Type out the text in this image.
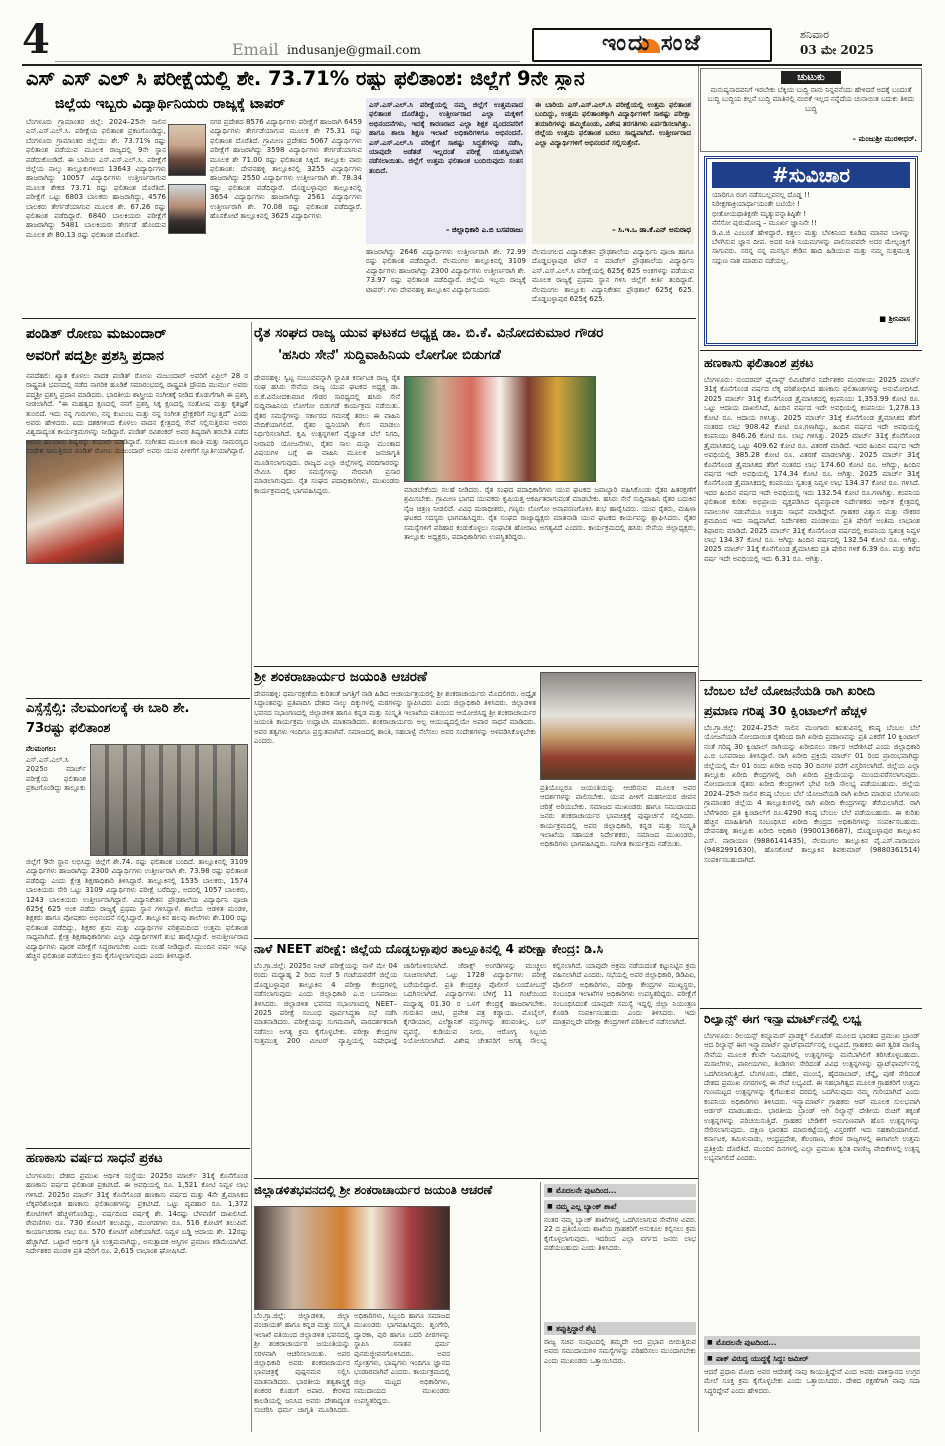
4	Email indusanje@gmail.com	ಇಂದು ಸಂಜೆ	ಶನಿವಾರ
03 ಮೇ 2025
ಎಸ್ ಎಸ್ ಎಲ್ ಸಿ ಪರೀಕ್ಷೆಯಲ್ಲಿ ಶೇ. 73.71% ರಷ್ಟು ಫಲಿತಾಂಶ: ಜಿಲ್ಲೆಗೆ 9ನೇ ಸ್ಥಾನ
ಜಿಲ್ಲೆಯ ಇಬ್ಬರು ವಿದ್ಯಾರ್ಥಿನಿಯರು ರಾಜ್ಯಕ್ಕೆ ಟಾಪರ್
ಬೆಂಗಳೂರು ಗ್ರಾಮಾಂತರ ಜಿಲ್ಲೆ: 2024–25ನೇ ಸಾಲಿನ ಎಸ್.ಎಸ್.ಎಲ್.ಸಿ. ಪರೀಕ್ಷೆಯ ಫಲಿತಾಂಶ ಪ್ರಕಟಗೊಂಡಿದ್ದು, ಬೆಂಗಳೂರು ಗ್ರಾಮಾಂತರ ಜಿಲ್ಲೆಯು ಶೇ. 73.71% ರಷ್ಟು ಫಲಿತಾಂಶ ಪಡೆಯುವ ಮೂಲಕ ರಾಜ್ಯದಲ್ಲಿ 9ನೇ ಸ್ಥಾನ ಪಡೆದುಕೊಂಡಿದೆ. ಈ ಬಾರಿಯ ಎಸ್.ಎಸ್.ಎಲ್.ಸಿ. ಪರೀಕ್ಷೆಗೆ ಜಿಲ್ಲೆಯ ನಾಲ್ಕು ತಾಲ್ಲೂಕುಗಳಿಂದ 13643 ವಿದ್ಯಾರ್ಥಿಗಳು ಹಾಜರಾಗಿದ್ದು 10057 ವಿದ್ಯಾರ್ಥಿಗಳು ಉತ್ತೀರ್ಣರಾಗುವ ಮೂಲಕ ಶೇಕಡ 73.71 ರಷ್ಟು ಫಲಿತಾಂಶ ದೊರೆತಿದೆ. ಪರೀಕ್ಷೆಗೆ ಒಟ್ಟು 6803 ಬಾಲಕರು ಹಾಜರಾಗಿದ್ದು, 4576 ಬಾಲಕರು ತೇರ್ಗಡೆಯಾಗುವ ಮೂಲಕ ಶೇ. 67.26 ರಷ್ಟು ಫಲಿತಾಂಶ ಪಡೆದಿದ್ದಾರೆ. 6840 ಬಾಲಕಿಯರು ಪರೀಕ್ಷೆಗೆ ಹಾಜರಾಗಿದ್ದು 5481 ಬಾಲಕಿಯರು ತೇರ್ಗಡೆ ಹೊಂದುವ ಮೂಲಕ ಶೇ 80.13 ರಷ್ಟು ಫಲಿತಾಂಶ ದೊರೆತಿದೆ.
ನಗರ ಪ್ರದೇಶದ 8576 ವಿದ್ಯಾರ್ಥಿಗಳು ಪರೀಕ್ಷೆಗೆ ಹಾಜರಾಗಿ 6459 ವಿದ್ಯಾರ್ಥಿಗಳು ತೇರ್ಗಡೆಯಾಗುವ ಮೂಲಕ ಶೇ 75.31 ರಷ್ಟು ಫಲಿತಾಂಶ ದೊರೆತಿದೆ. ಗ್ರಾಮೀಣ ಪ್ರದೇಶದ 5067 ವಿದ್ಯಾರ್ಥಿಗಳು ಪರೀಕ್ಷೆಗೆ ಹಾಜರಾಗಿದ್ದು 3598 ವಿದ್ಯಾರ್ಥಿಗಳು ತೇರ್ಗಡೆಯಾಗುವ ಮೂಲಕ ಶೇ 71.00 ರಷ್ಟು ಫಲಿತಾಂಶ ಸಿಕ್ಕಿದೆ. ತಾಲ್ಲೂಕು ವಾರು ಫಲಿತಾಂಶ: ದೇವನಹಳ್ಳಿ ತಾಲ್ಲೂಕಿನಲ್ಲಿ 3255 ವಿದ್ಯಾರ್ಥಿಗಳು ಹಾಜರಾಗಿದ್ದು 2550 ವಿದ್ಯಾರ್ಥಿಗಳು ಉತ್ತೀರ್ಣರಾಗಿ ಶೇ. 78.34 ರಷ್ಟು ಫಲಿತಾಂಶ ಪಡೆದಿದ್ದಾರೆ. ದೊಡ್ಡಬಳ್ಳಾಪುರ ತಾಲ್ಲೂಕಿನಲ್ಲಿ 3654 ವಿದ್ಯಾರ್ಥಿಗಳು ಹಾಜರಾಗಿದ್ದು 2561 ವಿದ್ಯಾರ್ಥಿಗಳು ಉತ್ತೀರ್ಣರಾಗಿ ಶೇ. 70.08 ರಷ್ಟು ಫಲಿತಾಂಶ ಪಡೆದಿದ್ದಾರೆ. ಹೊಸಕೋಟೆ ತಾಲ್ಲೂಕಿನಲ್ಲಿ 3625 ವಿದ್ಯಾರ್ಥಿಗಳು
ಎಸ್.ಎಸ್.ಎಲ್.ಸಿ ಪರೀಕ್ಷೆಯಲ್ಲಿ ನಮ್ಮ ಜಿಲ್ಲೆಗೆ ಉತ್ತಮವಾದ ಫಲಿತಾಂಶ ದೊರೆತಿದ್ದು, ಉತ್ತೀರ್ಣರಾದ ಎಲ್ಲಾ ಮಕ್ಕಳಿಗೆ ಅಭಿನಂದನೆಗಳು, ಇದಕ್ಕೆ ಕಾರಣರಾದ ಎಲ್ಲಾ ಶಿಕ್ಷಕ ವೃಂದದವರಿಗೆ ಹಾಗೂ ಶಾಲಾ ಶಿಕ್ಷಣ ಇಲಾಖೆ ಅಧಿಕಾರಿಗಳಿಗೂ ಅಭಿನಂದನೆ. ಎಸ್.ಎಸ್.ಎಲ್.ಸಿ ಪರೀಕ್ಷೆಗೆ ಸಾಕಷ್ಟು ಸಿದ್ಧತೆಗಳನ್ನು ನಡೆಸಿ, ಯಾವುದೇ ಅಡೆತಡೆ ಇಲ್ಲದಂತೆ ಪರೀಕ್ಷೆ ಯಶಸ್ವಿಯಾಗಿ ನಡೆಸಲಾಯಿತು. ಜಿಲ್ಲೆಗೆ ಉತ್ತಮ ಫಲಿತಾಂಶ ಬಂದಿರುವುದು ಸಂತಸ ತಂದಿದೆ.
– ಜಿಲ್ಲಾಧಿಕಾರಿ ಎ.ಬಿ ಬಸವರಾಜು
ಈ ಬಾರಿಯ ಎಸ್.ಎಸ್.ಎಲ್.ಸಿ ಪರೀಕ್ಷೆಯಲ್ಲಿ ಉತ್ತಮ ಫಲಿತಾಂಶ ಬಂದಿದ್ದು, ಉತ್ತಮ ಫಲಿತಾಂಶಕ್ಕಾಗಿ ವಿದ್ಯಾರ್ಥಿಗಳಿಗೆ ಸಾಕಷ್ಟು ಪರೀಕ್ಷಾ ತಯಾರಿಗಳನ್ನು ಹಮ್ಮಿಕೊಂಡು, ವಿಶೇಷ ತರಗತಿಗಳು ಏರ್ಪಡಿಸಲಾಗಿತ್ತು. ಜಿಲ್ಲೆಯ ಉತ್ತಮ ಫಲಿತಾಂಶ ಬರಲು ಸಾಧ್ಯವಾಗಿದೆ. ಉತ್ತೀರ್ಣರಾದ ಎಲ್ಲಾ ವಿದ್ಯಾರ್ಥಿಗಳಿಗೆ ಅಭಿನಂದನೆ ಸಲ್ಲಿಸುತ್ತೇನೆ.
– ಸಿ.ಇ.ಒ ಡಾ.ಕೆ.ಎನ್ ಅನುರಾಧ
ಹಾಜರಾಗಿದ್ದು 2646 ವಿದ್ಯಾರ್ಥಿಗಳು ಉತ್ತೀರ್ಣರಾಗಿ ಶೇ. 72.99 ರಷ್ಟು ಫಲಿತಾಂಶ ಪಡೆದಿದ್ದಾರೆ. ನೆಲಮಂಗಲ ತಾಲ್ಲೂಕಿನಲ್ಲಿ 3109 ವಿದ್ಯಾರ್ಥಿಗಳು ಹಾಜರಾಗಿದ್ದು 2300 ವಿದ್ಯಾರ್ಥಿಗಳು ಉತ್ತೀರ್ಣರಾಗಿ ಶೇ. 73.97 ರಷ್ಟು ಫಲಿತಾಂಶ ಪಡೆದಿದ್ದಾರೆ. ಜಿಲ್ಲೆಯ ಇಬ್ಬರು ರಾಜ್ಯಕ್ಕೆ ಟಾಪರ್: ಗಳು ದೇವನಹಳ್ಳಿ ತಾಲ್ಲೂಕಿನ ವಿದ್ಯಾರ್ಥಿನಿಯರು
ನೆಲಮಂಗಲದ ವಿದ್ಯಾನಿಕೇತನ ಪ್ರೌಢಶಾಲೆಯ ವಿದ್ಯಾರ್ಥಿನಿ ಪೂಜಾ ಹಾಗೂ ದೊಡ್ಡಬಳ್ಳಾಪುರ ಟೌನ್ ನ ಮಾಡೆಲ್ ಪ್ರೌಢಶಾಲೆಯ ವಿದ್ಯಾರ್ಥಿನಿ ಎಸ್.ಎಸ್.ಎಲ್.ಸಿ ಪರೀಕ್ಷೆಯಲ್ಲಿ 625ಕ್ಕೆ 625 ಅಂಕಗಳನ್ನು ಪಡೆಯುವ ಮೂಲಕ ರಾಜ್ಯಕ್ಕೆ ಪ್ರಥಮ ಸ್ಥಾನ ಗಳಿಸಿ ಜಿಲ್ಲೆಗೆ ಕೀರ್ತಿ ತಂದಿದ್ದಾರೆ. ನೆಲಮಂಗಲ ತಾಲ್ಲೂಕು ವಿದ್ಯಾನಿಕೇತನ ಪ್ರೌಢಶಾಲೆ 625ಕ್ಕೆ 625. ದೊಡ್ಡಬಳ್ಳಾಪುರ 625ಕ್ಕೆ 625.
ಚುಟುಕು
ಮನುಷ್ಯನಾದವನಿಗೆ ಇರಬೇಕು ಬೆಕ್ಕಿಯ ಬುದ್ಧಿ ನಾನು ನಿನ್ನವನೆಂದು ಹೇಳಿದರೆ ಅದಕ್ಕೆ ಬಂದಂತೆ ಬುದ್ಧಿ ಬುದ್ಧಿಯ ಕಲ್ಪನೆ ಬುದ್ಧಿ ಮಾತಿನಲ್ಲಿ ನಂಬಿಕೆ ಇಲ್ಲದ ನನ್ನೆದೆಯ ಚುನಾಯಿತ ಬದುಕು ತಿಳಿದು ಬುದ್ಧಿ
– ಮಂಜುಶ್ರೀ ಮುರಳೀಧರ್.
#ಸುವಿಚಾರ
ಯಾರಿಗೂ ರಂಗ ನಡೆಸಬಲ್ಲವನಲ್ಲ ದೊಡ್ಡ !!
ನಿರೀಕ್ಷಣಾಕ್ರಿಯಾರ್ಥಾಯಂತೇ ಬಟಿಯೇ !
ಭೀತೋಯಥಾತಿಕ್ಷಣೇ ಮೃತ್ಯುವನ್ನಾತಿಷ್ಠಿತೇ !
ನೆಸೆಸೋ ಪುರುಷೋಷ್ಠ – ಮೂರ್ಖ ಜ್ಞಾನಿನೇ !!
ಡಿ.ವಿ.ಜಿ ಎಂಬಂತೆ ಹೇಳಿದ್ದಾರೆ. ಕತ್ತಲು ಮತ್ತು ಬೆಳಕಿನಿಂದ ಕೂಡಿದ ಮಾನವ ಬಾಳನ್ನು ಬೆಳಗಿಸುವ ಜ್ಞಾನ ದೀಪ. ಅದರ ನೀತಿ ನಿಯಮಗಳನ್ನು ಪಾಲಿಸುವವರೇ ಅದರ ಮೇಲ್ಪಂಕ್ತಿಗೆ ಸಾಗುವರು. ನರನ್ನ ನನ್ನ ಮನಸ್ಸಿನ ಕೇಡಿನ ಹಾದಿ ಹಿಡಿಯುವ ಮತ್ತು ನಮ್ಮ ಸುತ್ತಮುತ್ತ ಸದ್ಗುಣ ನಾಶ ಮಾಡುವ ನಡೆಯಲ್ಲ.
■ ಶ್ರೀನಿವಾಸ
ಪಂಡಿತ್ ರೋಣು ಮಜುಂದಾರ್
ಅವರಿಗೆ ಪದ್ಮಶ್ರೀ ಪ್ರಶಸ್ತಿ ಪ್ರದಾನ
ನವದೆಹಲಿ: ಖ್ಯಾತ ಕೊಳಲು ವಾದಕ ಪಂಡಿತ್ ರೋಣು ಮಜುಂದಾರ್ ಅವರಿಗೆ ಏಪ್ರಿಲ್ 28 ರ ರಾಷ್ಟ್ರಪತಿ ಭವನದಲ್ಲಿ ನಡೆದ ನಾಗರಿಕ ಹೂಡಿಕೆ ಸಮಾರಂಭದಲ್ಲಿ ರಾಷ್ಟ್ರಪತಿ ದ್ರೌಪದಿ ಮುರ್ಮು ಅವರು ಪದ್ಮಶ್ರೀ ಪ್ರಶಸ್ತಿ ಪ್ರದಾನ ಮಾಡಿದರು. ಭಾರತೀಯ ಶಾಸ್ತ್ರೀಯ ಸಂಗೀತಕ್ಕೆ ನೀಡಿದ ಕೊಡುಗೆಗಾಗಿ ಈ ಪ್ರಶಸ್ತಿ ನೀಡಲಾಗಿದೆ. "ಈ ಮಹತ್ವದ ಕ್ಷಣದಲ್ಲಿ ನನಗೆ ಪ್ರಶಸ್ತಿ ಸಿಕ್ಕ ಕ್ಷಣದಲ್ಲಿ ಸಂತೋಷ ಮತ್ತು ಕೃತಜ್ಞತೆ ತುಂಬಿದೆ. ಇದು ನನ್ನ ಗುರುಗಳು, ನನ್ನ ಕುಟುಂಬ ಮತ್ತು ನನ್ನ ಸಂಗೀತ ಪ್ರೇಕ್ಷಕರಿಗೆ ಸಲ್ಲುತ್ತದೆ" ಎಂದು ಅವರು ಹೇಳಿದರು. ಐದು ದಶಕಗಳಿಂದ ಕೊಳಲು ವಾದನ ಕ್ಷೇತ್ರದಲ್ಲಿ ಸೇವೆ ಸಲ್ಲಿಸುತ್ತಿರುವ ಅವರು ವಿಶ್ವದಾದ್ಯಂತ ಕಾರ್ಯಕ್ರಮಗಳನ್ನು ನೀಡಿದ್ದಾರೆ. ಪಂಡಿತ್ ರವಿಶಂಕರ್ ಅವರ ಶಿಷ್ಯರಾಗಿ ತರಬೇತಿ ಪಡೆದ ಅವರು ಹಲವಾರು ಶಿಷ್ಯರನ್ನು ತಯಾರು ಮಾಡಿದ್ದಾರೆ. ಸಂಗೀತದ ಮೂಲಕ ಶಾಂತಿ ಮತ್ತು ಸಾಮರಸ್ಯದ ಸಂದೇಶ ಸಾರುತ್ತಿರುವ ಪಂಡಿತ್ ರೋಣು ಮಜುಂದಾರ್ ಅವರು ಯುವ ಪೀಳಿಗೆಗೆ ಸ್ಫೂರ್ತಿಯಾಗಿದ್ದಾರೆ.
ಎಸ್ಸೆಸ್ಸೆಲ್ಸಿ: ನೆಲಮಂಗಲಕ್ಕೆ ಈ ಬಾರಿ ಶೇ.
73ರಷ್ಟು ಫಲಿತಾಂಶ
ನೆಲಮಂಗಲ:
ಎಸ್.ಎಸ್.ಎಲ್.ಸಿ 2025ರ ಮಾರ್ಚ್ ಪರೀಕ್ಷೆಯ ಫಲಿತಾಂಶ ಪ್ರಕಟಗೊಂಡಿದ್ದು ತಾಲ್ಲೂಕು
ಜಿಲ್ಲೆಗೆ 9ನೇ ಸ್ಥಾನ ಲಭಿಸಿದ್ದು ಜಿಲ್ಲೆಗೆ ಶೇ.74. ರಷ್ಟು ಫಲಿತಾಂಶ ಬಂದಿದೆ. ತಾಲ್ಲೂಕಿನಲ್ಲಿ 3109 ವಿದ್ಯಾರ್ಥಿಗಳು ಹಾಜರಾಗಿದ್ದು 2300 ವಿದ್ಯಾರ್ಥಿಗಳು ಉತ್ತೀರ್ಣರಾಗಿ ಶೇ. 73.98 ರಷ್ಟು ಫಲಿತಾಂಶ ಪಡೆದಿದ್ದು ಎಂದು ಕ್ಷೇತ್ರ ಶಿಕ್ಷಣಾಧಿಕಾರಿ ತಿಳಿಸಿದ್ದಾರೆ. ತಾಲ್ಲೂಕಿನಲ್ಲಿ 1535 ಬಾಲಕರು, 1574 ಬಾಲಕಿಯರು ಸೇರಿ ಒಟ್ಟು 3109 ವಿದ್ಯಾರ್ಥಿಗಳು ಪರೀಕ್ಷೆ ಬರೆದಿದ್ದು, ಅದರಲ್ಲಿ 1057 ಬಾಲಕರು, 1243 ಬಾಲಕಿಯರು ಉತ್ತೀರ್ಣರಾಗಿದ್ದಾರೆ. ವಿದ್ಯಾನಿಕೇತನ ಪ್ರೌಢಶಾಲೆಯ ವಿದ್ಯಾರ್ಥಿನಿ ಪೂಜಾ 625ಕ್ಕೆ 625 ಅಂಕ ಪಡೆದು ರಾಜ್ಯಕ್ಕೆ ಪ್ರಥಮ ಸ್ಥಾನ ಗಳಿಸಿದ್ದಾಳೆ. ಶಾಲೆಯ ಆಡಳಿತ ಮಂಡಳಿ, ಶಿಕ್ಷಕರು ಹಾಗೂ ಪೋಷಕರು ಅಭಿನಂದನೆ ಸಲ್ಲಿಸಿದ್ದಾರೆ. ತಾಲ್ಲೂಕಿನ ಹಲವು ಶಾಲೆಗಳು ಶೇ.100 ರಷ್ಟು ಫಲಿತಾಂಶ ಪಡೆದಿದ್ದು, ಶಿಕ್ಷಕರ ಶ್ರಮ ಮತ್ತು ವಿದ್ಯಾರ್ಥಿಗಳ ಪರಿಶ್ರಮದಿಂದ ಉತ್ತಮ ಫಲಿತಾಂಶ ಸಾಧ್ಯವಾಗಿದೆ. ಕ್ಷೇತ್ರ ಶಿಕ್ಷಣಾಧಿಕಾರಿಗಳು ಎಲ್ಲಾ ವಿದ್ಯಾರ್ಥಿಗಳಿಗೆ ಶುಭ ಹಾರೈಸಿದ್ದಾರೆ. ಅನುತ್ತೀರ್ಣರಾದ ವಿದ್ಯಾರ್ಥಿಗಳು ಪೂರಕ ಪರೀಕ್ಷೆಗೆ ಸಿದ್ಧರಾಗಬೇಕು ಎಂದು ಸಲಹೆ ನೀಡಿದ್ದಾರೆ. ಮುಂದಿನ ವರ್ಷ ಇನ್ನೂ ಹೆಚ್ಚಿನ ಫಲಿತಾಂಶ ಪಡೆಯಲು ಕ್ರಮ ಕೈಗೊಳ್ಳಲಾಗುವುದು ಎಂದು ತಿಳಿಸಿದ್ದಾರೆ.
ಹಣಕಾಸು ವರ್ಷದ ಸಾಧನೆ ಪ್ರಕಟ
ಬೆಂಗಳೂರು: ದೇಶದ ಪ್ರಮುಖ ಆರ್ಥಿಕ ಸಂಸ್ಥೆಯು 2025ರ ಮಾರ್ಚ್ 31ಕ್ಕೆ ಕೊನೆಗೊಂಡ ಹಣಕಾಸು ವರ್ಷದ ಫಲಿತಾಂಶ ಪ್ರಕಟಿಸಿದೆ. ಈ ಅವಧಿಯಲ್ಲಿ ರೂ. 1,521 ಕೋಟಿ ನಿವ್ವಳ ಲಾಭ ಗಳಿಸಿದೆ. 2025ರ ಮಾರ್ಚ್ 31ಕ್ಕೆ ಕೊನೆಗೊಂಡ ಹಣಕಾಸು ವರ್ಷದ ಮತ್ತು 4ನೇ ತ್ರೈಮಾಸಿಕದ ಲೆಕ್ಕಪರಿಶೋಧಿತ ಹಣಕಾಸು ಫಲಿತಾಂಶಗಳನ್ನು ಪ್ರಕಟಿಸಿದೆ. ಒಟ್ಟು ವ್ಯವಹಾರ ರೂ. 1,372 ಕೋಟಿಗಳಿಗೆ ಹೆಚ್ಚಳಗೊಂಡಿದ್ದು, ವರ್ಷದಿಂದ ವರ್ಷಕ್ಕೆ ಶೇ. 14ರಷ್ಟು ಬೆಳವಣಿಗೆ ದಾಖಲಿಸಿದೆ. ಠೇವಣಿಗಳು ರೂ. 730 ಕೋಟಿಗೆ ತಲುಪಿದ್ದು, ಮುಂಗಡಗಳು ರೂ. 516 ಕೋಟಿಗೆ ತಲುಪಿವೆ. ಕಾರ್ಯಾಚರಣಾ ಲಾಭ ರೂ. 570 ಕೋಟಿಗೆ ಏರಿಕೆಯಾಗಿದೆ. ನಿವ್ವಳ ಬಡ್ಡಿ ಆದಾಯ ಶೇ. 12ರಷ್ಟು ಹೆಚ್ಚಾಗಿದೆ. ಒಟ್ಟಾರೆ ಆರ್ಥಿಕ ಸ್ಥಿತಿ ಉತ್ತಮವಾಗಿದ್ದು, ಅನುತ್ಪಾದಕ ಆಸ್ತಿಗಳ ಪ್ರಮಾಣ ಕಡಿಮೆಯಾಗಿದೆ. ನಿರ್ದೇಶಕರ ಮಂಡಳಿ ಪ್ರತಿ ಷೇರಿಗೆ ರೂ. 2,615 ಲಾಭಾಂಶ ಘೋಷಿಸಿದೆ.
ರೈತ ಸಂಘದ ರಾಜ್ಯ ಯುವ ಘಟಕದ ಅಧ್ಯಕ್ಷ ಡಾ. ಬಿ.ಕೆ. ವಿನೋದಕುಮಾರ ಗೌಡರ
'ಹಸಿರು ಸೇನೆ' ಸುದ್ದಿವಾಹಿನಿಯ ಲೋಗೋ ಬಿಡುಗಡೆ
ದೇವನಹಳ್ಳಿ: ಸ್ವಿಟ್ಟ ನಂಬುವವನ್ನಾಗಿ ಸ್ಥಾಪಿತ ಕರ್ನಾಟಕ ರಾಜ್ಯ ರೈತ ಸಂಘ ಹಸಿರು ಸೇನೆಯ ರಾಜ್ಯ ಯುವ ಘಟಕದ ಅಧ್ಯಕ್ಷ ಡಾ. ಬಿ.ಕೆ.ವಿನೋದಕುಮಾರ ಗೌಡರ ಸಾರಥ್ಯದಲ್ಲಿ ಹಸಿರು ಸೇನೆ ಸುದ್ದಿವಾಹಿನಿಯ ಲೋಗೋ ಬಿಡುಗಡೆ ಕಾರ್ಯಕ್ರಮ ನಡೆಯಿತು. ರೈತರ ಸಮಸ್ಯೆಗಳನ್ನು ಸರ್ಕಾರದ ಗಮನಕ್ಕೆ ತರಲು ಈ ವಾಹಿನಿ ವೇದಿಕೆಯಾಗಲಿದೆ. ರೈತರ ಧ್ವನಿಯಾಗಿ ಕೆಲಸ ಮಾಡಲು ನಿರ್ಧರಿಸಲಾಗಿದೆ. ಕೃಷಿ ಉತ್ಪನ್ನಗಳಿಗೆ ವೈಜ್ಞಾನಿಕ ಬೆಲೆ ನಿಗದಿ, ನೀರಾವರಿ ಯೋಜನೆಗಳು, ರೈತರ ಸಾಲ ಮನ್ನಾ ಮುಂತಾದ ವಿಷಯಗಳ ಬಗ್ಗೆ ಈ ವಾಹಿನಿ ಮೂಲಕ ಜನಜಾಗೃತಿ ಮೂಡಿಸಲಾಗುವುದು. ರಾಜ್ಯದ ಎಲ್ಲಾ ಜಿಲ್ಲೆಗಳಲ್ಲಿ ವರದಿಗಾರರನ್ನು ನೇಮಿಸಿ ರೈತರ ಸಮಸ್ಯೆಗಳನ್ನು ನೇರವಾಗಿ ಪ್ರಸಾರ ಮಾಡಲಾಗುವುದು. ರೈತ ಸಂಘದ ಪದಾಧಿಕಾರಿಗಳು, ಮುಖಂಡರು ಕಾರ್ಯಕ್ರಮದಲ್ಲಿ ಭಾಗವಹಿಸಿದ್ದರು.	ಮಾಡಬೇಕೆಂದು ಸಲಹೆ ನೀಡಿದರು. ರೈತ ಸಂಘದ ಪದಾಧಿಕಾರಿಗಳು ಯುವ ಘಟಕದ ಜವಾಬ್ದಾರಿ ವಹಿಸಿಕೊಂಡು ರೈತರ ಹಿತರಕ್ಷಣೆಗೆ ಶ್ರಮಿಸಬೇಕು. ಗ್ರಾಮೀಣ ಭಾಗದ ಯುವಕರು ಕೃಷಿಯತ್ತ ಆಕರ್ಷಿತರಾಗುವಂತೆ ಮಾಡಬೇಕು. ಹಸಿರು ಸೇನೆ ಸುದ್ದಿವಾಹಿನಿ ರೈತರ ಬದುಕಿನ ನೈಜ ಚಿತ್ರಣ ನೀಡಲಿದೆ. ವಿವಿಧ ಮಠಾಧೀಶರು, ಗಣ್ಯರು ಲೋಗೋ ಅನಾವರಣಗೊಳಿಸಿ ಶುಭ ಹಾರೈಸಿದರು. ಯುವ ರೈತರು, ಮಹಿಳಾ ಘಟಕದ ಸದಸ್ಯರು ಭಾಗವಹಿಸಿದ್ದರು. ರೈತ ಸಂಘದ ರಾಜ್ಯಾಧ್ಯಕ್ಷರು ಮಾತನಾಡಿ ಯುವ ಘಟಕದ ಕಾರ್ಯವನ್ನು ಶ್ಲಾಘಿಸಿದರು. ರೈತರ ಸಮಸ್ಯೆಗಳಿಗೆ ಪರಿಹಾರ ಕಂಡುಕೊಳ್ಳಲು ಸಂಘಟಿತ ಹೋರಾಟ ಅಗತ್ಯವಿದೆ ಎಂದರು. ಕಾರ್ಯಕ್ರಮದಲ್ಲಿ ಹಸಿರು ಸೇನೆಯ ಜಿಲ್ಲಾಧ್ಯಕ್ಷರು, ತಾಲ್ಲೂಕು ಅಧ್ಯಕ್ಷರು, ಪದಾಧಿಕಾರಿಗಳು ಉಪಸ್ಥಿತರಿದ್ದರು.
ಶ್ರೀ ಶಂಕರಾಚಾರ್ಯರ ಜಯಂತಿ ಆಚರಣೆ
ದೇವನಹಳ್ಳಿ: ಧರ್ಮರಕ್ಷಣೆಯ ಕುರಿತಂತೆ ಜಗತ್ತಿಗೆ ನಾಡಿ ಹಿಡಿದ ಆಚಾರ್ಯತ್ರಯರಲ್ಲಿ ಶ್ರೀ ಶಂಕರಾಚಾರ್ಯರು ಮೊದಲಿಗರು. ಅದ್ವೈತ ಸಿದ್ಧಾಂತವನ್ನು ಪ್ರತಿಪಾದಿಸಿ ದೇಶದ ನಾಲ್ಕು ದಿಕ್ಕುಗಳಲ್ಲಿ ಮಠಗಳನ್ನು ಸ್ಥಾಪಿಸಿದರು ಎಂದು ಜಿಲ್ಲಾಧಿಕಾರಿ ತಿಳಿಸಿದರು. ಜಿಲ್ಲಾಡಳಿತ ಭವನದ ಸಭಾಂಗಣದಲ್ಲಿ ಜಿಲ್ಲಾಡಳಿತ ಹಾಗೂ ಕನ್ನಡ ಮತ್ತು ಸಂಸ್ಕೃತಿ ಇಲಾಖೆಯ ವತಿಯಿಂದ ಆಯೋಜಿಸಿದ್ದ ಶ್ರೀ ಶಂಕರಾಚಾರ್ಯರ ಜಯಂತಿ ಕಾರ್ಯಕ್ರಮ ಉದ್ಘಾಟಿಸಿ ಮಾತನಾಡಿದರು. ಶಂಕರಾಚಾರ್ಯರು ಅಲ್ಪ ಆಯುಷ್ಯದಲ್ಲಿಯೇ ಅಪಾರ ಸಾಧನೆ ಮಾಡಿದರು. ಅವರ ತತ್ವಗಳು ಇಂದಿಗೂ ಪ್ರಸ್ತುತವಾಗಿವೆ. ಸಮಾಜದಲ್ಲಿ ಶಾಂತಿ, ಸಹಬಾಳ್ವೆ ನೆಲೆಸಲು ಅವರ ಸಂದೇಶಗಳನ್ನು ಅಳವಡಿಸಿಕೊಳ್ಳಬೇಕು ಎಂದರು.
ಪ್ರತಿಯೊಬ್ಬರೂ ಜಯಂತಿಯನ್ನು ಆಚರಿಸುವ ಮೂಲಕ ಅವರ ಆದರ್ಶಗಳನ್ನು ಪಾಲಿಸಬೇಕು. ಯುವ ಪೀಳಿಗೆ ಮಹನೀಯರ ಜೀವನ ಚರಿತ್ರೆ ಅರಿಯಬೇಕು. ಸಮಾಜದ ಮುಖಂಡರು ಹಾಗೂ ಸಮುದಾಯದ ಜನರು ಶಂಕರಾಚಾರ್ಯರ ಭಾವಚಿತ್ರಕ್ಕೆ ಪುಷ್ಪಾರ್ಚನೆ ಸಲ್ಲಿಸಿದರು. ಕಾರ್ಯಕ್ರಮದಲ್ಲಿ ಅಪರ ಜಿಲ್ಲಾಧಿಕಾರಿ, ಕನ್ನಡ ಮತ್ತು ಸಂಸ್ಕೃತಿ ಇಲಾಖೆಯ ಸಹಾಯಕ ನಿರ್ದೇಶಕರು, ಸಮಾಜದ ಮುಖಂಡರು, ಅಧಿಕಾರಿಗಳು ಭಾಗವಹಿಸಿದ್ದರು. ಸಂಗೀತ ಕಾರ್ಯಕ್ರಮ ನಡೆಯಿತು.
ನಾಳೆ NEET ಪರೀಕ್ಷೆ: ಜಿಲ್ಲೆಯ ದೊಡ್ಡಬಳ್ಳಾಪುರ ತಾಲ್ಲೂಕಿನಲ್ಲಿ 4 ಪರೀಕ್ಷಾ ಕೇಂದ್ರ: ಡಿ.ಸಿ
ಬೆಂ.ಗ್ರಾ.ಜಿಲ್ಲೆ: 2025ರ ನೀಟ್ ಪರೀಕ್ಷೆಯನ್ನು ನಾಳೆ ಮೇ 04 ರಂದು ಮಧ್ಯಾಹ್ನ 2 ರಿಂದ ಸಂಜೆ 5 ಗಂಟೆಯವರೆಗೆ ಜಿಲ್ಲೆಯ ದೊಡ್ಡಬಳ್ಳಾಪುರ ತಾಲ್ಲೂಕಿನ 4 ಪರೀಕ್ಷಾ ಕೇಂದ್ರಗಳಲ್ಲಿ ನಡೆಸಲಾಗುವುದು ಎಂದು ಜಿಲ್ಲಾಧಿಕಾರಿ ಎ.ಬಿ ಬಸವರಾಜು ತಿಳಿಸಿದರು. ಜಿಲ್ಲಾಡಳಿತ ಭವನದ ಸಭಾಂಗಣದಲ್ಲಿ NEET–2025 ಪರೀಕ್ಷೆ ಸಂಬಂಧ ಪೂರ್ವಸಿದ್ಧತಾ ಸಭೆ ನಡೆಸಿ ಮಾತನಾಡಿದರು. ಪರೀಕ್ಷೆಯನ್ನು ಸುಗಮವಾಗಿ, ಪಾರದರ್ಶಕವಾಗಿ ನಡೆಸಲು ಅಗತ್ಯ ಕ್ರಮ ಕೈಗೊಳ್ಳಬೇಕು. ಪರೀಕ್ಷಾ ಕೇಂದ್ರಗಳ ಸುತ್ತಮುತ್ತ 200 ಮೀಟರ್ ವ್ಯಾಪ್ತಿಯಲ್ಲಿ ನಿಷೇಧಾಜ್ಞೆ ಜಾರಿಗೊಳಿಸಲಾಗಿದೆ. ಜೆರಾಕ್ಸ್ ಅಂಗಡಿಗಳನ್ನು ಮುಚ್ಚಲು ಸೂಚಿಸಲಾಗಿದೆ. ಒಟ್ಟು 1728 ವಿದ್ಯಾರ್ಥಿಗಳು ಪರೀಕ್ಷೆ ಬರೆಯಲಿದ್ದಾರೆ. ಪ್ರತಿ ಕೇಂದ್ರಕ್ಕೂ ಪೊಲೀಸ್ ಬಂದೋಬಸ್ತ್ ಒದಗಿಸಲಾಗಿದೆ. ವಿದ್ಯಾರ್ಥಿಗಳು ಬೆಳಿಗ್ಗೆ 11 ಗಂಟೆಯಿಂದ ಮಧ್ಯಾಹ್ನ 01.30 ರ ಒಳಗೆ ಕೇಂದ್ರಕ್ಕೆ ಹಾಜರಾಗಬೇಕು. ಗುರುತಿನ ಚೀಟಿ, ಪ್ರವೇಶ ಪತ್ರ ಕಡ್ಡಾಯ. ಮೊಬೈಲ್, ಕೈಗಡಿಯಾರ, ಎಲೆಕ್ಟ್ರಾನಿಕ್ ವಸ್ತುಗಳನ್ನು ತರುವಂತಿಲ್ಲ. ಬಸ್ ವ್ಯವಸ್ಥೆ, ಕುಡಿಯುವ ನೀರು, ಆರೋಗ್ಯ ಸಿಬ್ಬಂದಿ ನಿಯೋಜಿಸಲಾಗಿದೆ. ವಿಶೇಷ ಚೇತನರಿಗೆ ಅಗತ್ಯ ಸೌಲಭ್ಯ ಕಲ್ಪಿಸಲಾಗಿದೆ. ಯಾವುದೇ ಅಕ್ರಮ ನಡೆಯದಂತೆ ಕಟ್ಟುನಿಟ್ಟಿನ ಕ್ರಮ ವಹಿಸಲಾಗಿದೆ ಎಂದರು. ಸಭೆಯಲ್ಲಿ ಅಪರ ಜಿಲ್ಲಾಧಿಕಾರಿ, ಡಿಡಿಪಿಐ, ಪೊಲೀಸ್ ಅಧಿಕಾರಿಗಳು, ಪರೀಕ್ಷಾ ಕೇಂದ್ರಗಳ ಮುಖ್ಯಸ್ಥರು, ಸಂಬಂಧಿತ ಇಲಾಖೆಗಳ ಅಧಿಕಾರಿಗಳು ಉಪಸ್ಥಿತರಿದ್ದರು. ಪರೀಕ್ಷೆಗೆ ಸಂಬಂಧಿಸಿದಂತೆ ಯಾವುದೇ ಸಮಸ್ಯೆ ಇದ್ದಲ್ಲಿ ಜಿಲ್ಲಾ ನಿಯಂತ್ರಣ ಕೊಠಡಿ ಸಂಪರ್ಕಿಸಬಹುದು ಎಂದು ತಿಳಿಸಿದರು. ಇದು ಮಾತ್ರವಲ್ಲದೇ ಪರೀಕ್ಷಾ ಕೇಂದ್ರಗಳಿಗೆ ಪರಿಶೀಲನೆ ನಡೆಸಲಾಗಿದೆ.
ಜಿಲ್ಲಾಡಳಿತಭವನದಲ್ಲಿ ಶ್ರೀ ಶಂಕರಾಚಾರ್ಯರ ಜಯಂತಿ ಆಚರಣೆ
ಬೆಂ.ಗ್ರಾ.ಜಿಲ್ಲೆ: ಜಿಲ್ಲಾಡಳಿತ, ಜಿಲ್ಲಾ ಪಂಚಾಯತ್ ಹಾಗೂ ಕನ್ನಡ ಮತ್ತು ಸಂಸ್ಕೃತಿ ಇಲಾಖೆ ವತಿಯಿಂದ ಜಿಲ್ಲಾಡಳಿತ ಭವನದಲ್ಲಿ ಶ್ರೀ ಶಂಕರಾಚಾರ್ಯರ ಜಯಂತಿಯನ್ನು ಸರಳವಾಗಿ ಆಚರಿಸಲಾಯಿತು. ಅಪರ ಜಿಲ್ಲಾಧಿಕಾರಿ ಅವರು ಶಂಕರಾಚಾರ್ಯರ ಭಾವಚಿತ್ರಕ್ಕೆ ಪುಷ್ಪನಮನ ಸಲ್ಲಿಸಿ ಮಾತನಾಡಿದರು. ಭಾರತೀಯ ತತ್ವಶಾಸ್ತ್ರಕ್ಕೆ ಶಂಕರರ ಕೊಡುಗೆ ಅಪಾರ. ಕೇರಳದ ಕಾಲಡಿಯಲ್ಲಿ ಜನಿಸಿದ ಅವರು ದೇಶಾದ್ಯಂತ ಸಂಚರಿಸಿ ಧರ್ಮ ಜಾಗೃತಿ ಮೂಡಿಸಿದರು. ಅಧಿಕಾರಿಗಳು, ಸಿಬ್ಬಂದಿ ಹಾಗೂ ಸಮಾಜದ ಮುಖಂಡರು ಭಾಗವಹಿಸಿದ್ದರು. ಶೃಂಗೇರಿ, ದ್ವಾರಕಾ, ಪುರಿ ಹಾಗೂ ಬದರಿ ಪೀಠಗಳನ್ನು ಸ್ಥಾಪಿಸಿ ಸನಾತನ ಧರ್ಮ ಪುನರುಜ್ಜೀವನಗೊಳಿಸಿದರು. ಅವರ ಸ್ತೋತ್ರಗಳು, ಭಾಷ್ಯಗಳು ಇಂದಿಗೂ ಜ್ಞಾನದ ಭಂಡಾರವಾಗಿವೆ ಎಂದರು. ಕಾರ್ಯಕ್ರಮದಲ್ಲಿ ಜಿಲ್ಲಾ ಮಟ್ಟದ ಅಧಿಕಾರಿಗಳು, ಸಮುದಾಯದ ಮುಖಂಡರು ಉಪಸ್ಥಿತರಿದ್ದರು.
■ ಮೊದಲನೇ ಪುಟದಿಂದ...
■ ನಮ್ಮ ಎಲ್ಲ ಬ್ಯಾಂಕ್ ಶಾಖೆ
ನಂತರ ನಮ್ಮ ಬ್ಯಾಂಕ್ ಶಾಖೆಗಳಲ್ಲಿ ಒದಗಿಸಲಾಗುವ ಸೇವೆಗಳ ವಿವರ. 22 ದ ಪ್ರತಿಯೊಂದು ಶಾಖೆಯ ಗ್ರಾಹಕರಿಗೆ ಅನುಕೂಲ ಕಲ್ಪಿಸಲು ಕ್ರಮ ಕೈಗೊಳ್ಳಲಾಗುವುದು. ಇದರಿಂದ ಎಲ್ಲಾ ವರ್ಗದ ಜನರು ಲಾಭ ಪಡೆಯಬಹುದು ಎಂದು ತಿಳಿಸಿದರು.
■ ತಪ್ಪುತ್ತಿದ್ದಾರೆ ಶೆಟ್ಟಿ
ರಾಜ್ಯ ಸಚಿವ ಸಂಪುಟದಲ್ಲಿ ತಮ್ಮದೇ ಆದ ಪ್ರಭಾವ ಬೀರುತ್ತಿರುವ ಅವರು ಸಮುದಾಯಗಳ ಸಮಸ್ಯೆಗಳನ್ನು ಪರಿಹರಿಸಲು ಮುಂದಾಗಬೇಕು ಎಂದು ಮುಖಂಡರು ಒತ್ತಾಯಿಸಿದರು.
ಹಣಕಾಸು ಫಲಿತಾಂಶ ಪ್ರಕಟ
ಬೆಂಗಳೂರು: ಸುಂದರಮ್ ಫೈನಾನ್ಸ್ ಲಿಮಿಟೆಡ್‌ನ ನಿರ್ದೇಶಕರ ಮಂಡಳಿಯು 2025 ಮಾರ್ಚ್ 31ಕ್ಕೆ ಕೊನೆಗೊಂಡ ವರ್ಷದ ಲೆಕ್ಕ ಪರಿಶೋಧಿಸಿದ ಹಣಕಾಸು ಫಲಿತಾಂಶಗಳನ್ನು ಅನುಮೋದಿಸಿದೆ. 2025 ಮಾರ್ಚ್ 31ಕ್ಕೆ ಕೊನೆಗೊಂಡ ತ್ರೈಮಾಸಿಕದಲ್ಲಿ ಕಂಪನಿಯು 1,353.99 ಕೋಟಿ ರೂ. ಒಟ್ಟು ಆದಾಯ ದಾಖಲಿಸಿದೆ, ಹಿಂದಿನ ವರ್ಷದ ಇದೇ ಅವಧಿಯಲ್ಲಿ ಕಂಪನಿಯು 1,278.13 ಕೋಟಿ ರೂ. ಆದಾಯ ಗಳಿಸಿತ್ತು. 2025 ಮಾರ್ಚ್ 31ಕ್ಕೆ ಕೊನೆಗೊಂಡ ತ್ರೈಮಾಸಿಕದ ತೆರಿಗೆ ನಂತರದ ಲಾಭ 908.42 ಕೋಟಿ ರೂ.ಗಳಾಗಿದ್ದು, ಹಿಂದಿನ ವರ್ಷದ ಇದೇ ಅವಧಿಯಲ್ಲಿ ಕಂಪನಿಯು 846.26 ಕೋಟಿ ರೂ. ಲಾಭ ಗಳಿಸಿತ್ತು. 2025 ಮಾರ್ಚ್ 31ಕ್ಕೆ ಕೊನೆಗೊಂಡ ತ್ರೈಮಾಸಿಕದಲ್ಲಿ ಒಟ್ಟು 409.62 ಕೋಟಿ ರೂ. ವಿತರಣೆ ಮಾಡಿದೆ. ಇದರ ಹಿಂದಿನ ವರ್ಷದ ಇದೇ ಅವಧಿಯಲ್ಲಿ 385.28 ಕೋಟಿ ರೂ. ವಿತರಣೆ ಮಾಡಲಾಗಿತ್ತು. 2025 ಮಾರ್ಚ್ 31ಕ್ಕೆ ಕೊನೆಗೊಂಡ ತ್ರೈಮಾಸಿಕದ ತೆರಿಗೆ ನಂತರದ ಲಾಭ 174.60 ಕೋಟಿ ರೂ. ಆಗಿದ್ದು, ಹಿಂದಿನ ವರ್ಷದ ಇದೇ ಅವಧಿಯಲ್ಲಿ 174.34 ಕೋಟಿ ರೂ. ಆಗಿತ್ತು. 2025 ಮಾರ್ಚ್ 31ಕ್ಕೆ ಕೊನೆಗೊಂಡ ತ್ರೈಮಾಸಿಕದಲ್ಲಿ ಕಂಪನಿಯು ಸ್ವತಂತ್ರ ನಿವ್ವಳ ಲಾಭ 134.37 ಕೋಟಿ ರೂ. ಗಳಿಸಿದೆ. ಇದರ ಹಿಂದಿನ ವರ್ಷದ ಇದೇ ಅವಧಿಯಲ್ಲಿ ಇದು 132.54 ಕೋಟಿ ರೂ.ಗಳಾಗಿತ್ತು. ಕಂಪನಿಯ ಫಲಿತಾಂಶ ಕುರಿತು ಅಭಿಪ್ರಾಯ ವ್ಯಕ್ತಪಡಿಸಿದ ವ್ಯವಸ್ಥಾಪಕ ನಿರ್ದೇಶಕರು ಆರ್ಥಿಕ ಕ್ಷೇತ್ರದಲ್ಲಿ ಸವಾಲುಗಳ ನಡುವೆಯೂ ಉತ್ತಮ ಸಾಧನೆ ಮಾಡಿದ್ದೇವೆ. ಗ್ರಾಹಕರ ವಿಶ್ವಾಸ ಮತ್ತು ನೌಕರರ ಶ್ರಮದಿಂದ ಇದು ಸಾಧ್ಯವಾಗಿದೆ. ನಿರ್ದೇಶಕರ ಮಂಡಳಿಯು ಪ್ರತಿ ಷೇರಿಗೆ ಅಂತಿಮ ಲಾಭಾಂಶ ಶಿಫಾರಸು ಮಾಡಿದೆ. 2025 ಮಾರ್ಚ್ 31ಕ್ಕೆ ಕೊನೆಗೊಂಡ ವರ್ಷದಲ್ಲಿ ಕಂಪನಿಯ ಸ್ವತಂತ್ರ ನಿವ್ವಳ ಲಾಭ 134.37 ಕೋಟಿ ರೂ. ಆಗಿದ್ದು ಹಿಂದಿನ ವರ್ಷದಲ್ಲಿ 132.54 ಕೋಟಿ ರೂ. ಆಗಿತ್ತು. 2025 ಮಾರ್ಚ್ 31ಕ್ಕೆ ಕೊನೆಗೊಂಡ ತ್ರೈಮಾಸಿಕದ ಪ್ರತಿ ಷೇರಿನ ಗಳಿಕೆ 6.39 ರೂ. ಮತ್ತು ಕಳೆದ ವರ್ಷ ಇದೇ ಅವಧಿಯಲ್ಲಿ ಇದು 6.31 ರೂ. ಆಗಿತ್ತು.
ಬೆಂಬಲ ಬೆಲೆ ಯೋಜನೆಯಡಿ ರಾಗಿ ಖರೀದಿ
ಪ್ರಮಾಣ ಗರಿಷ್ಠ 30 ಕ್ವಿಂಟಾಲ್‌ಗೆ ಹೆಚ್ಚಳ
ಬೆಂ.ಗ್ರಾ.ಜಿಲ್ಲೆ: 2024–25ನೇ ಸಾಲಿನ ಮುಂಗಾರು ಋತುವಿನಲ್ಲಿ ಕನಿಷ್ಠ ಬೆಂಬಲ ಬೆಲೆ ಯೋಜನೆಯಡಿ ನೋಂದಾಯಿತ ರೈತರಿಂದ ರಾಗಿ ಖರೀದಿ ಪ್ರಮಾಣವನ್ನು ಪ್ರತಿ ಎಕರೆಗೆ 10 ಕ್ವಿಂಟಾಲ್ ನಂತೆ ಗರಿಷ್ಠ 30 ಕ್ವಿಂಟಾಲ್ ರಾಗಿಯನ್ನು ಖರೀದಿಸಲು ಸರ್ಕಾರ ಆದೇಶಿಸಿದೆ ಎಂದು ಜಿಲ್ಲಾಧಿಕಾರಿ ಎ.ಬಿ ಬಸವರಾಜು ತಿಳಿಸಿದ್ದಾರೆ. ರಾಗಿ ಖರೀದಿ ಪ್ರಕ್ರಿಯೆ ಮಾರ್ಚ್ 01 ರಿಂದ ಪ್ರಾರಂಭವಾಗಿದ್ದು ಜಿಲ್ಲೆಯಲ್ಲಿ ಮೇ 01 ರಂದು ಖರೀದಿ ಅವಧಿ 30 ದಿನಗಳ ವರೆಗೆ ವಿಸ್ತರಿಸಲಾಗಿದೆ. ಜಿಲ್ಲೆಯ ಎಲ್ಲಾ ತಾಲ್ಲೂಕು ಖರೀದಿ ಕೇಂದ್ರಗಳಲ್ಲಿ ರಾಗಿ ಖರೀದಿ ಪ್ರಕ್ರಿಯೆಯನ್ನು ಮುಂದುವರೆಸಲಾಗುವುದು. ನೋಂದಾಯಿತ ರೈತರು ಖರೀದಿ ಕೇಂದ್ರಗಳಿಗೆ ಭೇಟಿ ನೀಡಿ ಸೌಲಭ್ಯ ಪಡೆಯಬಹುದು. ಜಿಲ್ಲೆಯ 2024–25ನೇ ಸಾಲಿನ ಕನಿಷ್ಠ ಬೆಂಬಲ ಬೆಲೆ ಯೋಜನೆಯಡಿ ರಾಗಿ ಖರೀದಿ ಮಾಡುವ ಬೆಂಗಳೂರು ಗ್ರಾಮಾಂತರ ಜಿಲ್ಲೆಯ 4 ತಾಲ್ಲೂಕುಗಳಲ್ಲಿ ರಾಗಿ ಖರೀದಿ ಕೇಂದ್ರಗಳನ್ನು ತೆರೆಯಲಾಗಿದೆ. ರಾಗಿ ಬೆಳೆಗಾರರು ಪ್ರತಿ ಕ್ವಿಂಟಾಲ್‌ಗೆ ರೂ.4290 ಕನಿಷ್ಠ ಬೆಂಬಲ ಬೆಲೆ ಪಡೆಯಬಹುದು. ಈ ಕುರಿತು ಹೆಚ್ಚಿನ ಮಾಹಿತಿಗಾಗಿ ಸಂಬಂಧಿಸಿದ ಖರೀದಿ ಕೇಂದ್ರದ ಅಧಿಕಾರಿಗಳನ್ನು ಸಂಪರ್ಕಿಸಬಹುದು. ದೇವನಹಳ್ಳಿ ತಾಲ್ಲೂಕು ಖರೀದಿ ಅಧಿಕಾರಿ (9900136687), ದೊಡ್ಡಬಳ್ಳಾಪುರ ತಾಲ್ಲೂಕಿನ ಎಸ್. ನಾರಾಯಣ (9886141435), ನೆಲಮಂಗಲ ತಾಲ್ಲೂಕಿನ ವೈ.ಎಸ್.ನಾರಾಯಣ (9482991630), ಹೊಸಕೋಟೆ ತಾಲ್ಲೂಕಿನ ಶಿವಕುಮಾರ್ (9880361514) ಸಂಪರ್ಕಿಸಬಹುದಾಗಿದೆ.
ರಿಲ್ಯಾನ್ಸ್ ಈಗ ಇನ್ಸ್ಟಾಮಾರ್ಟ್‌ನಲ್ಲಿ ಲಭ್ಯ
ಬೆಂಗಳೂರು: ರಿಲಯನ್ಸ್ ಕನ್ಸ್ಯೂಮರ್ ಪ್ರಾಡಕ್ಟ್ಸ್ ಲಿಮಿಟೆಡ್ ಮೂಲದ ಭಾರತದ ಪ್ರಮುಖ ಬ್ರಾಂಡ್ ಆದ ರಿಲ್ಯಾನ್ಸ್ ಈಗ ಇನ್ಸ್ಟಾಮಾರ್ಟ್ ಪ್ಲಾಟ್‌ಫಾರ್ಮ್‌ನಲ್ಲಿ ಲಭ್ಯವಿದೆ. ಗ್ರಾಹಕರು ಈಗ ತ್ವರಿತ ವಾಣಿಜ್ಯ ಸೇವೆಯ ಮೂಲಕ ಕೆಲವೇ ನಿಮಿಷಗಳಲ್ಲಿ ಉತ್ಪನ್ನಗಳನ್ನು ಮನೆಬಾಗಿಲಿಗೆ ತರಿಸಿಕೊಳ್ಳಬಹುದು. ಮಸಾಲೆಗಳು, ಪಾನೀಯಗಳು, ತಿಂಡಿಗಳು ಸೇರಿದಂತೆ ವಿವಿಧ ಉತ್ಪನ್ನಗಳನ್ನು ಪ್ಲಾಟ್‌ಫಾರ್ಮ್‌ನಲ್ಲಿ ಒದಗಿಸಲಾಗುತ್ತಿದೆ. ಬೆಂಗಳೂರು, ದೆಹಲಿ, ಮುಂಬೈ, ಹೈದರಾಬಾದ್, ಚೆನ್ನೈ, ಪುಣೆ ಸೇರಿದಂತೆ ದೇಶದ ಪ್ರಮುಖ ನಗರಗಳಲ್ಲಿ ಈ ಸೇವೆ ಲಭ್ಯವಿದೆ. ಈ ಸಹಭಾಗಿತ್ವದ ಮೂಲಕ ಗ್ರಾಹಕರಿಗೆ ಉತ್ತಮ ಗುಣಮಟ್ಟದ ಉತ್ಪನ್ನಗಳನ್ನು ಕೈಗೆಟುಕುವ ದರದಲ್ಲಿ ಒದಗಿಸುವುದು ನಮ್ಮ ಗುರಿಯಾಗಿದೆ ಎಂದು ಕಂಪನಿಯ ಅಧಿಕಾರಿಗಳು ತಿಳಿಸಿದರು. ಇನ್ಸ್ಟಾಮಾರ್ಟ್ ಗ್ರಾಹಕರು ಆಪ್ ಮೂಲಕ ಸುಲಭವಾಗಿ ಆರ್ಡರ್ ಮಾಡಬಹುದು. ಭಾರತೀಯ ಬ್ರಾಂಡ್ ಆಗಿ ರಿಲ್ಯಾನ್ಸ್ ದೇಶೀಯ ರುಚಿಗೆ ತಕ್ಕಂತೆ ಉತ್ಪನ್ನಗಳನ್ನು ಪರಿಚಯಿಸುತ್ತಿದೆ. ಗ್ರಾಹಕರ ಬೇಡಿಕೆಗೆ ಅನುಗುಣವಾಗಿ ಹೊಸ ಉತ್ಪನ್ನಗಳನ್ನು ಸೇರಿಸಲಾಗುವುದು. ದಕ್ಷಿಣ ಭಾರತದ ಮಾರುಕಟ್ಟೆಯಲ್ಲಿ ವಿಸ್ತರಣೆಗೆ ಇದು ಸಹಕಾರಿಯಾಗಲಿದೆ. ಕರ್ನಾಟಕ, ತಮಿಳುನಾಡು, ಆಂಧ್ರಪ್ರದೇಶ, ತೆಲಂಗಾಣ, ಕೇರಳ ರಾಜ್ಯಗಳಲ್ಲಿ ಈಗಾಗಲೇ ಉತ್ತಮ ಪ್ರತಿಕ್ರಿಯೆ ದೊರೆತಿದೆ. ಮುಂದಿನ ದಿನಗಳಲ್ಲಿ ಎಲ್ಲಾ ಪ್ರಮುಖ ತ್ವರಿತ ವಾಣಿಜ್ಯ ವೇದಿಕೆಗಳಲ್ಲಿ ಉತ್ಪನ್ನ ಲಭ್ಯವಾಗಲಿದೆ ಎಂದರು.
■ ಮೊದಲನೇ ಪುಟದಿಂದ...
■ ಪಾಕ್ ವಿರುದ್ಧ ಯುದ್ಧಕ್ಕೆ ಸಿದ್ಧ: ಜಮೀರ್
ಆದರೆ ಪ್ರಧಾನಿ ಮೋದಿ ಅವರ ಆದೇಶಕ್ಕೆ ನಾವು ಕಾಯುತ್ತಿದ್ದೇವೆ ಎಂದ ಅವರು ಪಾಕಿಸ್ತಾನದ ಉಗ್ರರ ಮೇಲೆ ಸೂಕ್ತ ಕ್ರಮ ಕೈಗೊಳ್ಳಬೇಕು ಎಂದು ಒತ್ತಾಯಿಸಿದರು. ದೇಶದ ರಕ್ಷಣೆಗಾಗಿ ನಾವು ಸದಾ ಸಿದ್ಧರಿದ್ದೇವೆ ಎಂದು ಹೇಳಿದರು.
